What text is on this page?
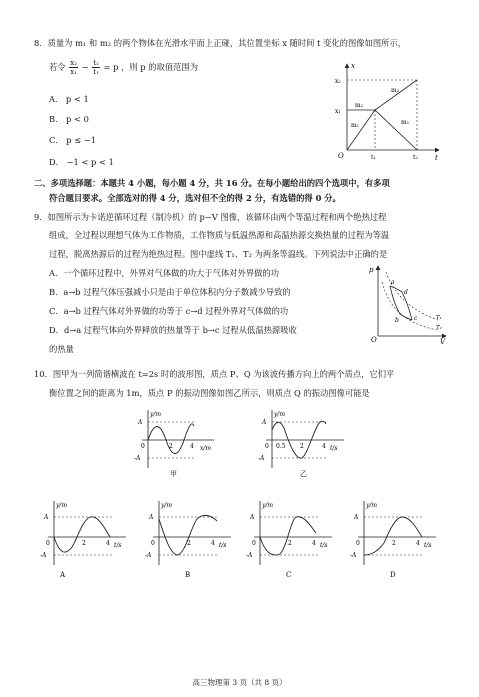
8．质量为 m₁ 和 m₂ 的两个物体在光滑水平面上正碰，其位置坐标 x 随时间 t 变化的图像如图所示，
若令 $\frac{\text{x₂}}{\text{x₁}} - \frac{\text{t₂}}{\text{t₁}} = p$ ，则 p 的取值范围为
A． p < 1
B． p < 0
C． p ≤ −1
D． −1 < p < 1
x
t
O
x₂
x₁
t₁	t₂
m₂
m₁
m₂
m₁
二、多项选择题：本题共 4 小题，每小题 4 分，共 16 分。在每小题给出的四个选项中，有多项
符合题目要求。全部选对的得 4 分，选对但不全的得 2 分，有选错的得 0 分。
9．如图所示为卡诺逆循环过程（制冷机）的 p−V 图像，该循环由两个等温过程和两个绝热过程
组成，全过程以理想气体为工作物质，工作物质与低温热源和高温热源交换热量的过程为等温
过程，脱离热源后的过程为绝热过程。图中虚线 T₁、T₂ 为两条等温线。下列说法中正确的是
A．一个循环过程中，外界对气体做的功大于气体对外界做的功
B．a→b 过程气体压强减小只是由于单位体积内分子数减少导致的
C．a→b 过程气体对外界做的功等于 c→d 过程外界对气体做的功
D．d→a 过程气体向外界释放的热量等于 b→c 过程从低温热源吸收
的热量
p
V
O
a
b	c
d
T₁
T₂
10．图甲为一列简谐横波在 t=2s 时的波形图，质点 P、Q 为该波传播方向上的两个质点，它们平
衡位置之间的距离为 1m，质点 P 的振动图像如图乙所示，则质点 Q 的振动图像可能是
y/m
x/m
A
-A
0	2	4
甲
y/m
t/s
A
-A
0 0.5 2	4
乙
y/m
t/s
A
-A
0	2	4
A
y/m
t/s
A
-A
0	2	4
B
y/m
t/s
A
-A
0	2	4
C
y/m
t/s
A
-A
0	2	4
D
高三物理第 3 页（共 8 页）
